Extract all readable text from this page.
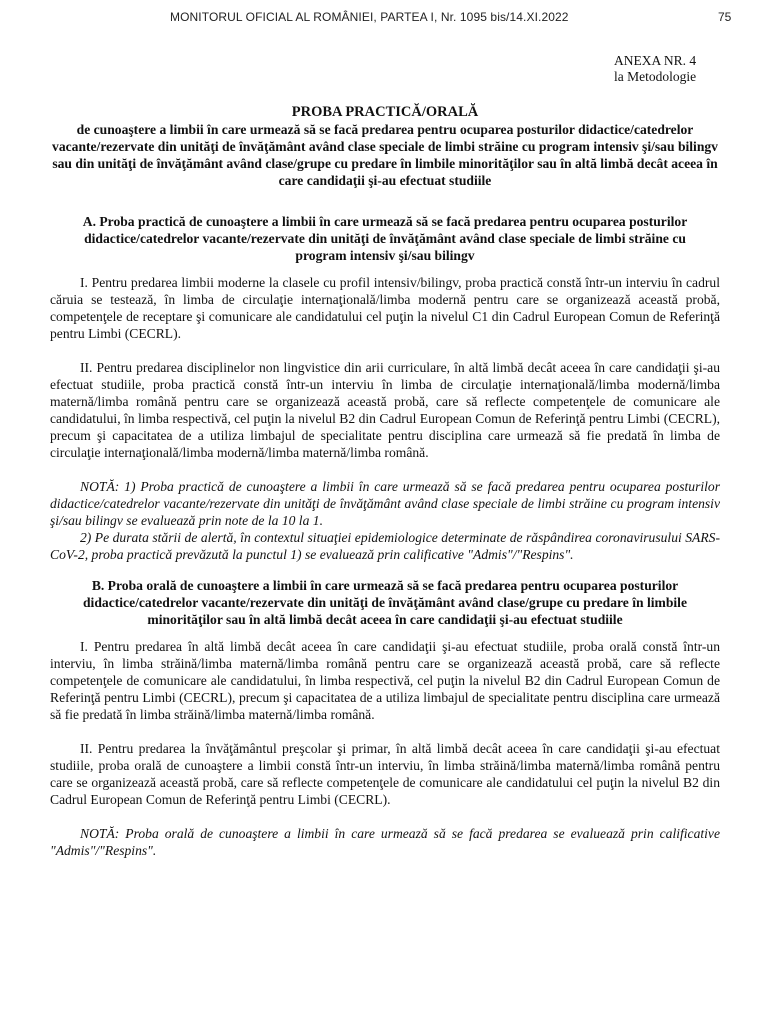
MONITORUL OFICIAL AL ROMÂNIEI, PARTEA I, Nr. 1095 bis/14.XI.2022	75
ANEXA NR. 4
la Metodologie
PROBA PRACTICĂ/ORALĂ
de cunoaştere a limbii în care urmează să se facă predarea pentru ocuparea posturilor didactice/catedrelor vacante/rezervate din unităţi de învăţământ având clase speciale de limbi străine cu program intensiv şi/sau bilingv sau din unităţi de învăţământ având clase/grupe cu predare în limbile minorităţilor sau în altă limbă decât aceea în care candidaţii şi-au efectuat studiile
A. Proba practică de cunoaştere a limbii în care urmează să se facă predarea pentru ocuparea posturilor didactice/catedrelor vacante/rezervate din unităţi de învăţământ având clase speciale de limbi străine cu program intensiv şi/sau bilingv

I. Pentru predarea limbii moderne la clasele cu profil intensiv/bilingv, proba practică constă într-un interviu în cadrul căruia se testează, în limba de circulaţie internaţională/limba modernă pentru care se organizează această probă, competenţele de receptare şi comunicare ale candidatului cel puţin la nivelul C1 din Cadrul European Comun de Referinţă pentru Limbi (CECRL).

II. Pentru predarea disciplinelor non lingvistice din arii curriculare, în altă limbă decât aceea în care candidaţii şi-au efectuat studiile, proba practică constă într-un interviu în limba de circulaţie internaţională/limba modernă/limba maternă/limba română pentru care se organizează această probă, care să reflecte competenţele de comunicare ale candidatului, în limba respectivă, cel puţin la nivelul B2 din Cadrul European Comun de Referinţă pentru Limbi (CECRL), precum şi capacitatea de a utiliza limbajul de specialitate pentru disciplina care urmează să fie predată în limba de circulaţie internaţională/limba modernă/limba maternă/limba română.

NOTĂ: 1) Proba practică de cunoaştere a limbii în care urmează să se facă predarea pentru ocuparea posturilor didactice/catedrelor vacante/rezervate din unităţi de învăţământ având clase speciale de limbi străine cu program intensiv şi/sau bilingv se evaluează prin note de la 10 la 1.

2) Pe durata stării de alertă, în contextul situaţiei epidemiologice determinate de răspândirea coronavirusului SARS-CoV-2, proba practică prevăzută la punctul 1) se evaluează prin calificative "Admis"/"Respins".

B. Proba orală de cunoaştere a limbii în care urmează să se facă predarea pentru ocuparea posturilor didactice/catedrelor vacante/rezervate din unităţi de învăţământ având clase/grupe cu predare în limbile minorităţilor sau în altă limbă decât aceea în care candidaţii şi-au efectuat studiile

I. Pentru predarea în altă limbă decât aceea în care candidaţii şi-au efectuat studiile, proba orală constă într-un interviu, în limba străină/limba maternă/limba română pentru care se organizează această probă, care să reflecte competenţele de comunicare ale candidatului, în limba respectivă, cel puţin la nivelul B2 din Cadrul European Comun de Referinţă pentru Limbi (CECRL), precum şi capacitatea de a utiliza limbajul de specialitate pentru disciplina care urmează să fie predată în limba străină/limba maternă/limba română.

II. Pentru predarea la învăţământul preşcolar şi primar, în altă limbă decât aceea în care candidaţii şi-au efectuat studiile, proba orală de cunoaştere a limbii constă într-un interviu, în limba străină/limba maternă/limba română pentru care se organizează această probă, care să reflecte competenţele de comunicare ale candidatului cel puţin la nivelul B2 din Cadrul European Comun de Referinţă pentru Limbi (CECRL).

NOTĂ: Proba orală de cunoaştere a limbii în care urmează să se facă predarea se evaluează prin calificative "Admis"/"Respins".
